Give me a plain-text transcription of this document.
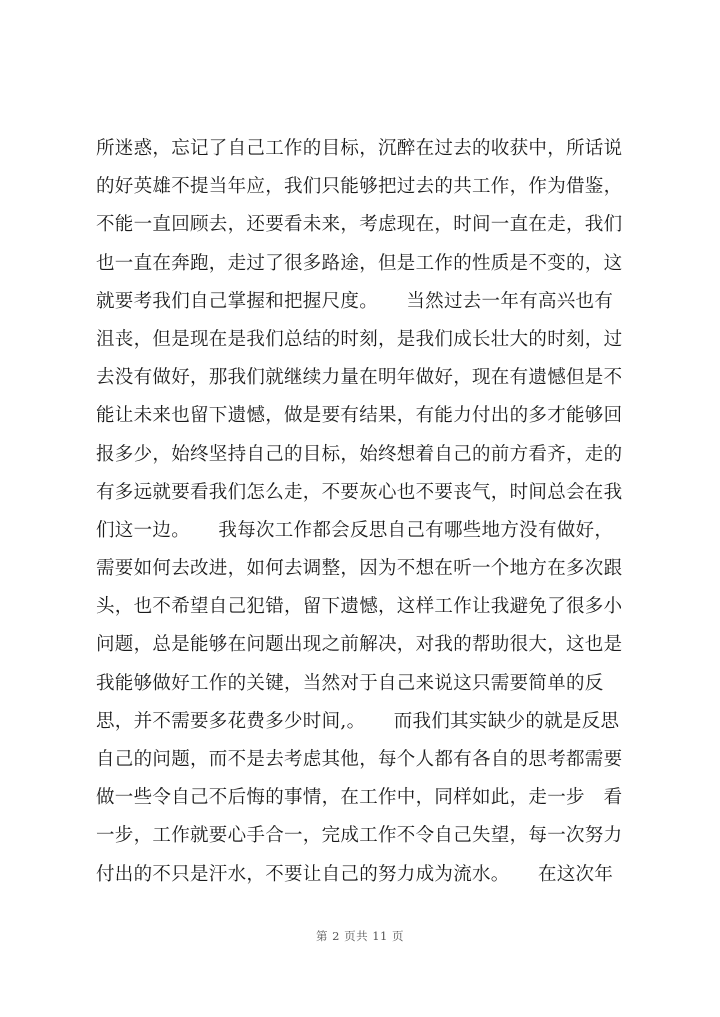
所迷惑，忘记了自己工作的目标，沉醉在过去的收获中，所话说
的好英雄不提当年应，我们只能够把过去的共工作，作为借鉴，
不能一直回顾去，还要看未来，考虑现在，时间一直在走，我们
也一直在奔跑，走过了很多路途，但是工作的性质是不变的，这
就要考我们自己掌握和把握尺度。　　当然过去一年有高兴也有
沮丧，但是现在是我们总结的时刻，是我们成长壮大的时刻，过
去没有做好，那我们就继续力量在明年做好，现在有遗憾但是不
能让未来也留下遗憾，做是要有结果，有能力付出的多才能够回
报多少，始终坚持自己的目标，始终想着自己的前方看齐，走的
有多远就要看我们怎么走，不要灰心也不要丧气，时间总会在我
们这一边。　　我每次工作都会反思自己有哪些地方没有做好，
需要如何去改进，如何去调整，因为不想在听一个地方在多次跟
头，也不希望自己犯错，留下遗憾，这样工作让我避免了很多小
问题，总是能够在问题出现之前解决，对我的帮助很大，这也是
我能够做好工作的关键，当然对于自己来说这只需要简单的反
思，并不需要多花费多少时间,。　　而我们其实缺少的就是反思
自己的问题，而不是去考虑其他，每个人都有各自的思考都需要
做一些令自己不后悔的事情，在工作中，同样如此，走一步　看
一步，工作就要心手合一，完成工作不令自己失望，每一次努力
付出的不只是汗水，不要让自己的努力成为流水。　　在这次年
第 2 页共 11 页
